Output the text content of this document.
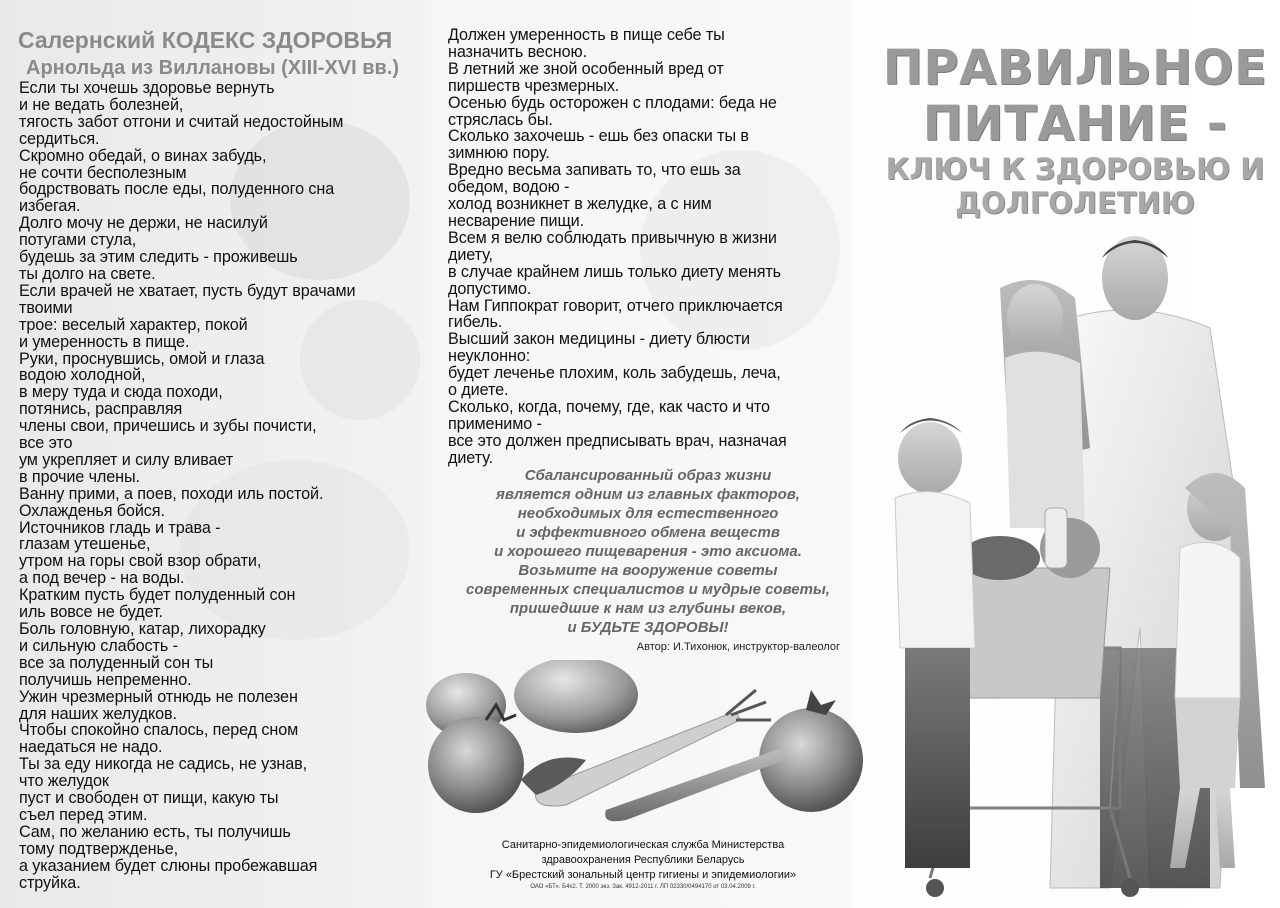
Салернский КОДЕКС ЗДОРОВЬЯ
Арнольда из Виллановы (XIII-XVI вв.)
Если ты хочешь здоровье вернуть
и не ведать болезней,
тягость забот отгони и считай недостойным
сердиться.
Скромно обедай, о винах забудь,
не сочти бесполезным
бодрствовать после еды, полуденного сна
избегая.
Долго мочу не держи, не насилуй
потугами стула,
будешь за этим следить - проживешь
ты долго на свете.
Если врачей не хватает, пусть будут врачами
твоими
трое: веселый характер, покой
и умеренность в пище.
Руки, проснувшись, омой и глаза
водою холодной,
в меру туда и сюда походи,
потянись, расправляя
члены свои, причешись и зубы почисти,
все это
ум укрепляет и силу вливает
в прочие члены.
Ванну прими, а поев, походи иль постой.
Охлажденья бойся.
Источников гладь и трава -
глазам утешенье,
утром на горы свой взор обрати,
а под вечер - на воды.
Кратким пусть будет полуденный сон
иль вовсе не будет.
Боль головную, катар, лихорадку
и сильную слабость -
все за полуденный сон ты
получишь непременно.
Ужин чрезмерный отнюдь не полезен
для наших желудков.
Чтобы спокойно спалось, перед сном
наедаться не надо.
Ты за еду никогда не садись, не узнав,
что желудок
пуст и свободен от пищи, какую ты
съел перед этим.
Сам, по желанию есть, ты получишь
тому подтвержденье,
а указанием будет слюны пробежавшая
струйка.
Должен умеренность в пище себе ты
назначить весною.
В летний же зной особенный вред от
пиршеств чрезмерных.
Осенью будь осторожен с плодами: беда не
стряслась бы.
Сколько захочешь - ешь без опаски ты в
зимнюю пору.
Вредно весьма запивать то, что ешь за
обедом, водою -
холод возникнет в желудке, а с ним
несварение пищи.
Всем я велю соблюдать привычную в жизни
диету,
в случае крайнем лишь только диету менять
допустимо.
Нам Гиппократ говорит, отчего приключается
гибель.
Высший закон медицины - диету блюсти
неуклонно:
будет леченье плохим, коль забудешь, леча,
о диете.
Сколько, когда, почему, где, как часто и что
применимо -
все это должен предписывать врач, назначая
диету.
Сбалансированный образ жизни
является одним из главных факторов,
необходимых для естественного
и эффективного обмена веществ
и хорошего пищеварения - это аксиома.
Возьмите на вооружение советы
современных специалистов и мудрые советы,
пришедшие к нам из глубины веков,
и БУДЬТЕ ЗДОРОВЫ!
Автор: И.Тихонюк, инструктор-валеолог
Санитарно-эпидемиологическая служба Министерства
здравоохранения Республики Беларусь
ГУ «Брестский зональный центр гигиены и эпидемиологии»
ОАО «БТ». Б4х2. Т. 2000 экз. Зак. 4912-2011 г. ЛП 02330/0494170 от 03.04.2009 г.
ПРАВИЛЬНОЕ
ПИТАНИЕ -
КЛЮЧ К ЗДОРОВЬЮ И
ДОЛГОЛЕТИЮ
